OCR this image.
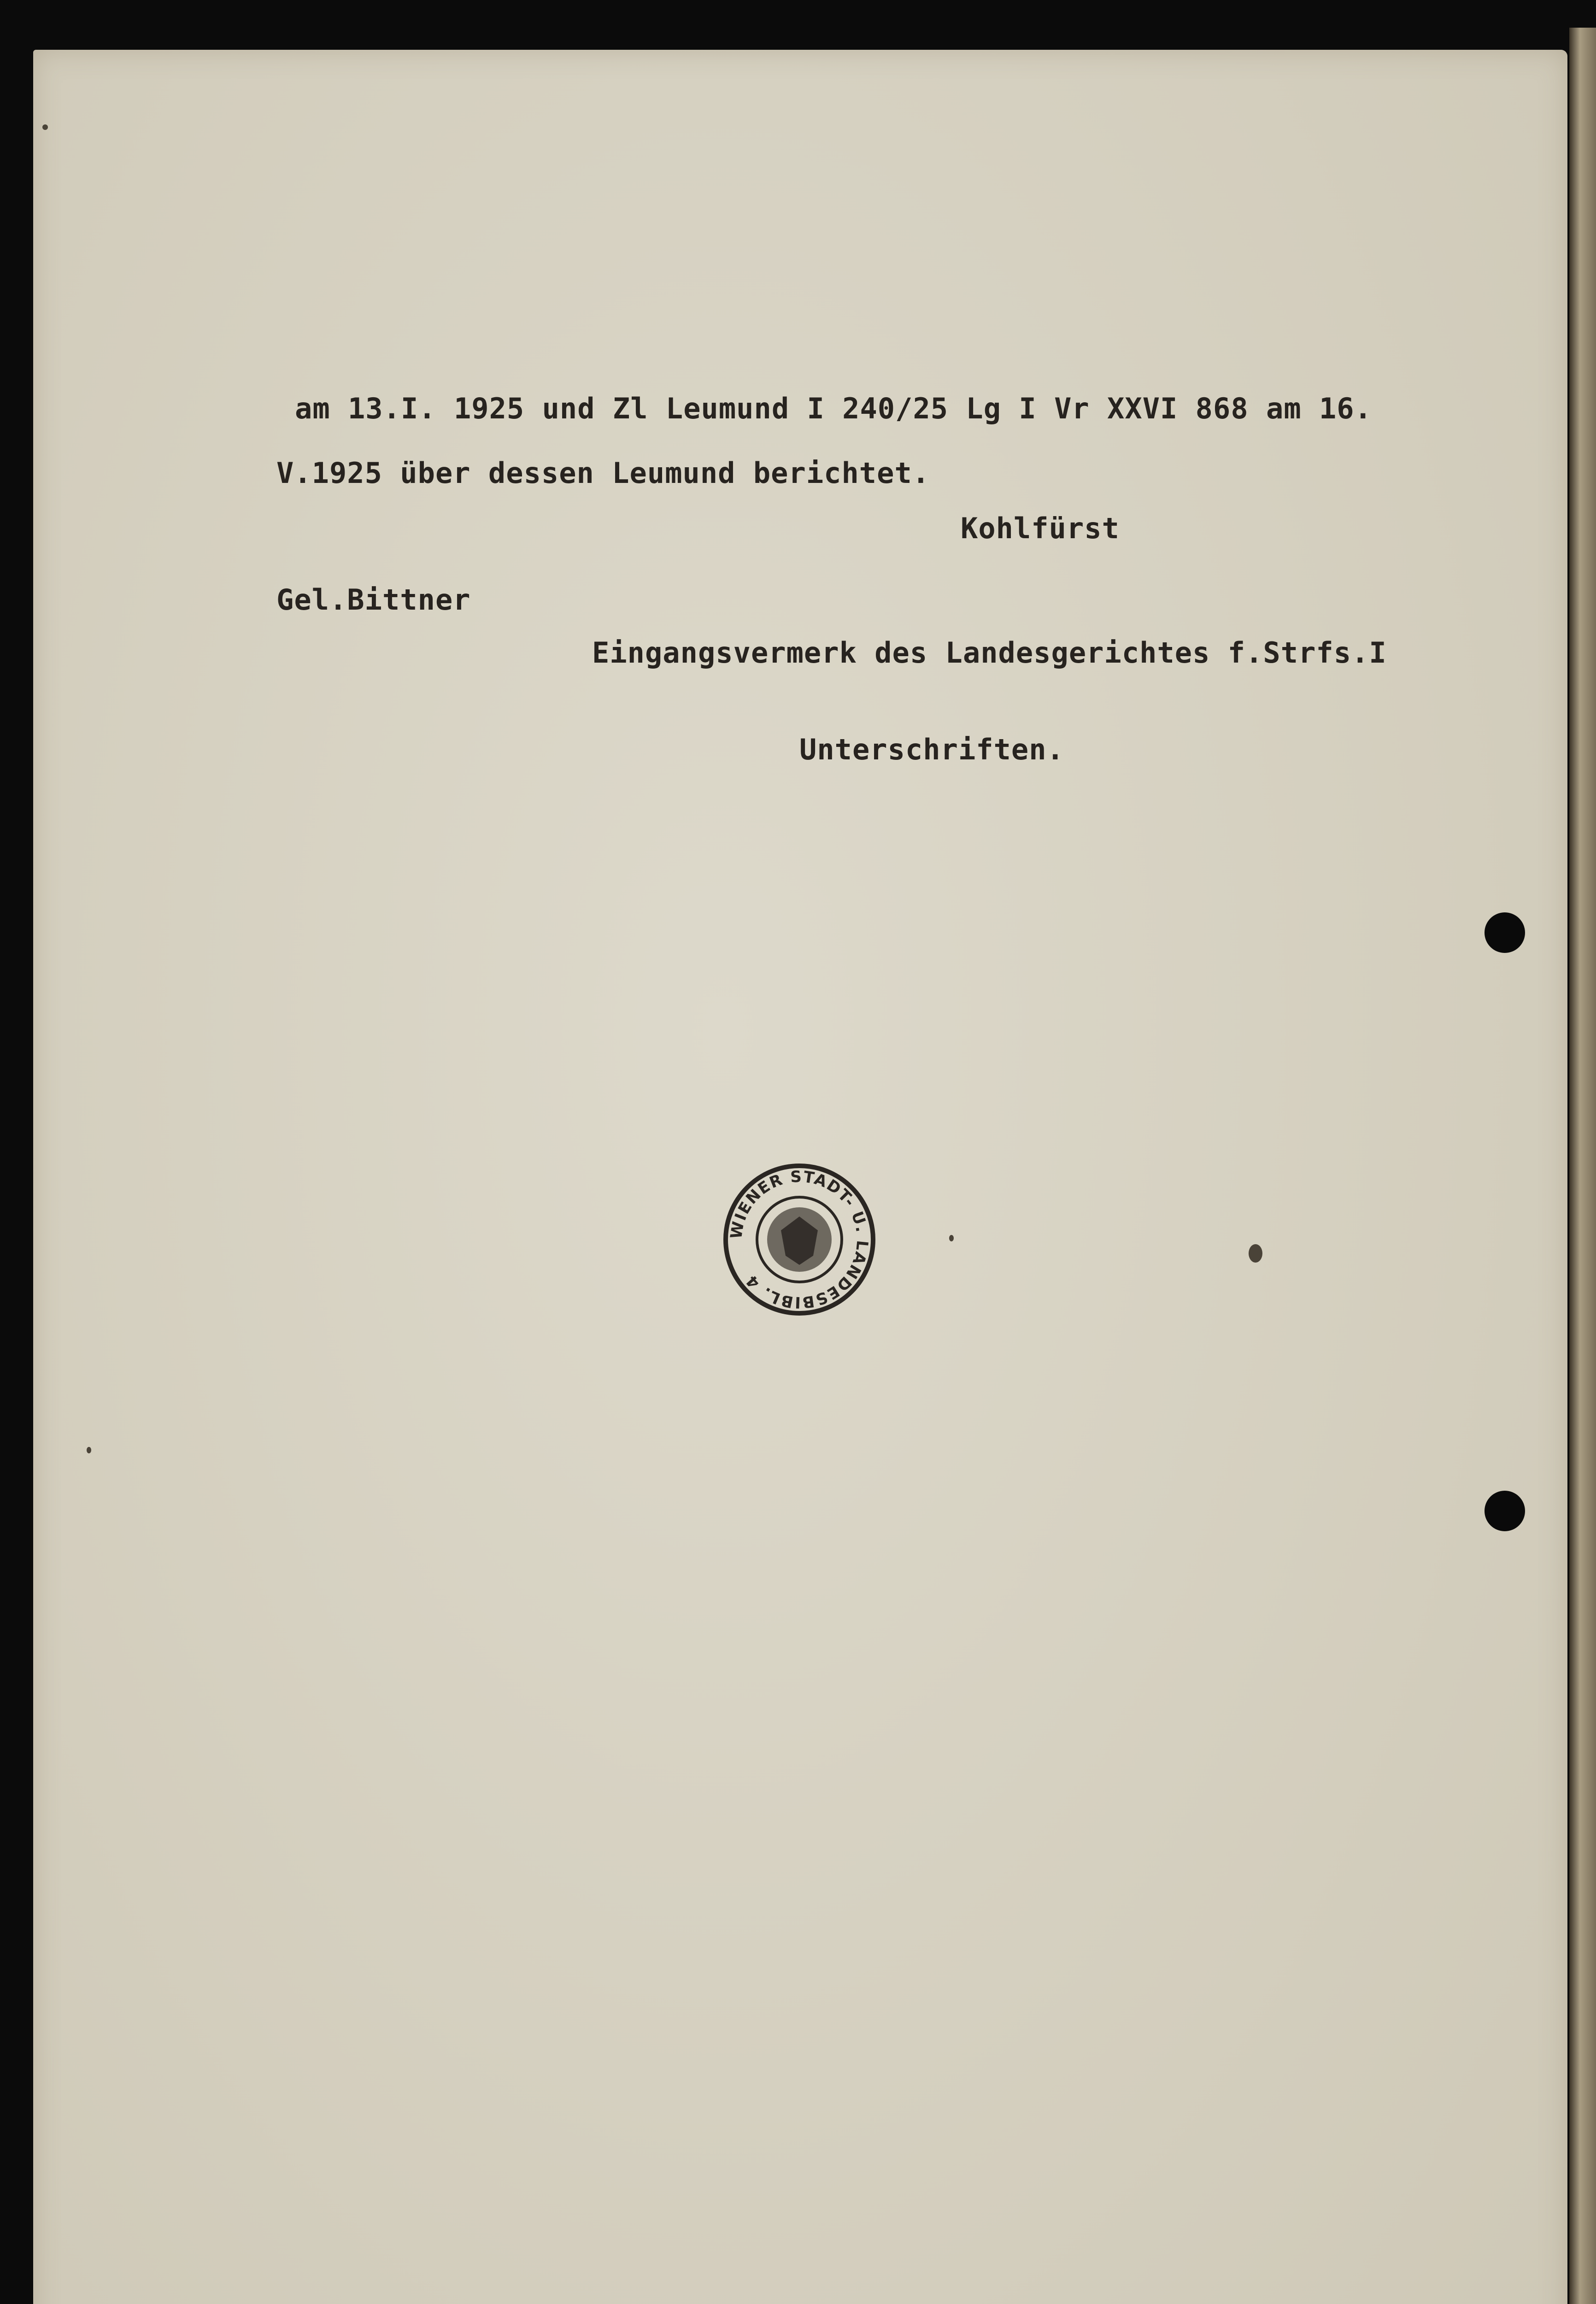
am 13.I. 1925 und Zl Leumund I 240/25 Lg I Vr XXVI 868 am 16.
V.1925 über dessen Leumund berichtet.
Kohlfürst
Gel.Bittner
Eingangsvermerk des Landesgerichtes f.Strfs.I
Unterschriften.
WIENER STADT- U. LANDESBIBL. 4
